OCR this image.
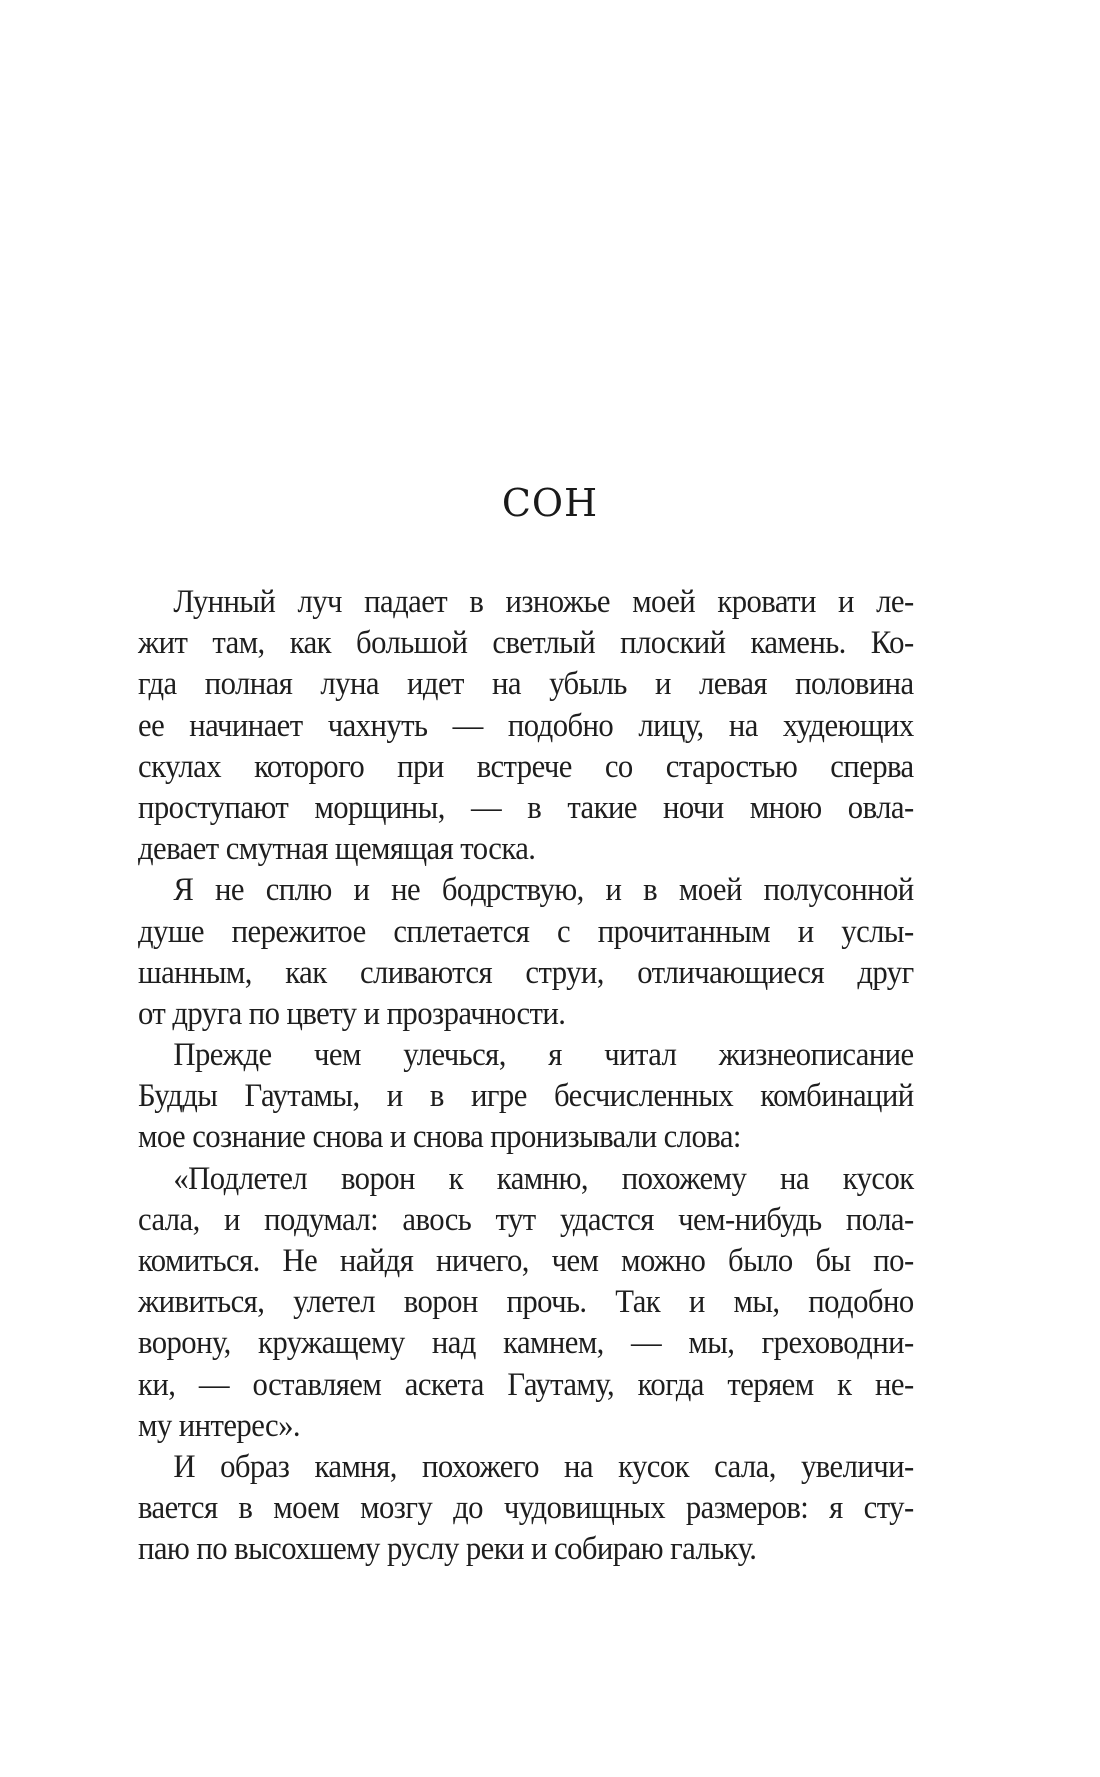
СОН
Лунный луч падает в изножье моей кровати и ле-
жит там, как большой светлый плоский камень. Ко-
гда полная луна идет на убыль и левая половина
ее начинает чахнуть — подобно лицу, на худеющих
скулах которого при встрече со старостью сперва
проступают морщины, — в такие ночи мною овла-
девает смутная щемящая тоска.
Я не сплю и не бодрствую, и в моей полусонной
душе пережитое сплетается с прочитанным и услы-
шанным, как сливаются струи, отличающиеся друг
от друга по цвету и прозрачности.
Прежде чем улечься, я читал жизнеописание
Будды Гаутамы, и в игре бесчисленных комбинаций
мое сознание снова и снова пронизывали слова:
«Подлетел ворон к камню, похожему на кусок
сала, и подумал: авось тут удастся чем-нибудь пола-
комиться. Не найдя ничего, чем можно было бы по-
живиться, улетел ворон прочь. Так и мы, подобно
ворону, кружащему над камнем, — мы, греховодни-
ки, — оставляем аскета Гаутаму, когда теряем к не-
му интерес».
И образ камня, похожего на кусок сала, увеличи-
вается в моем мозгу до чудовищных размеров: я сту-
паю по высохшему руслу реки и собираю гальку.
